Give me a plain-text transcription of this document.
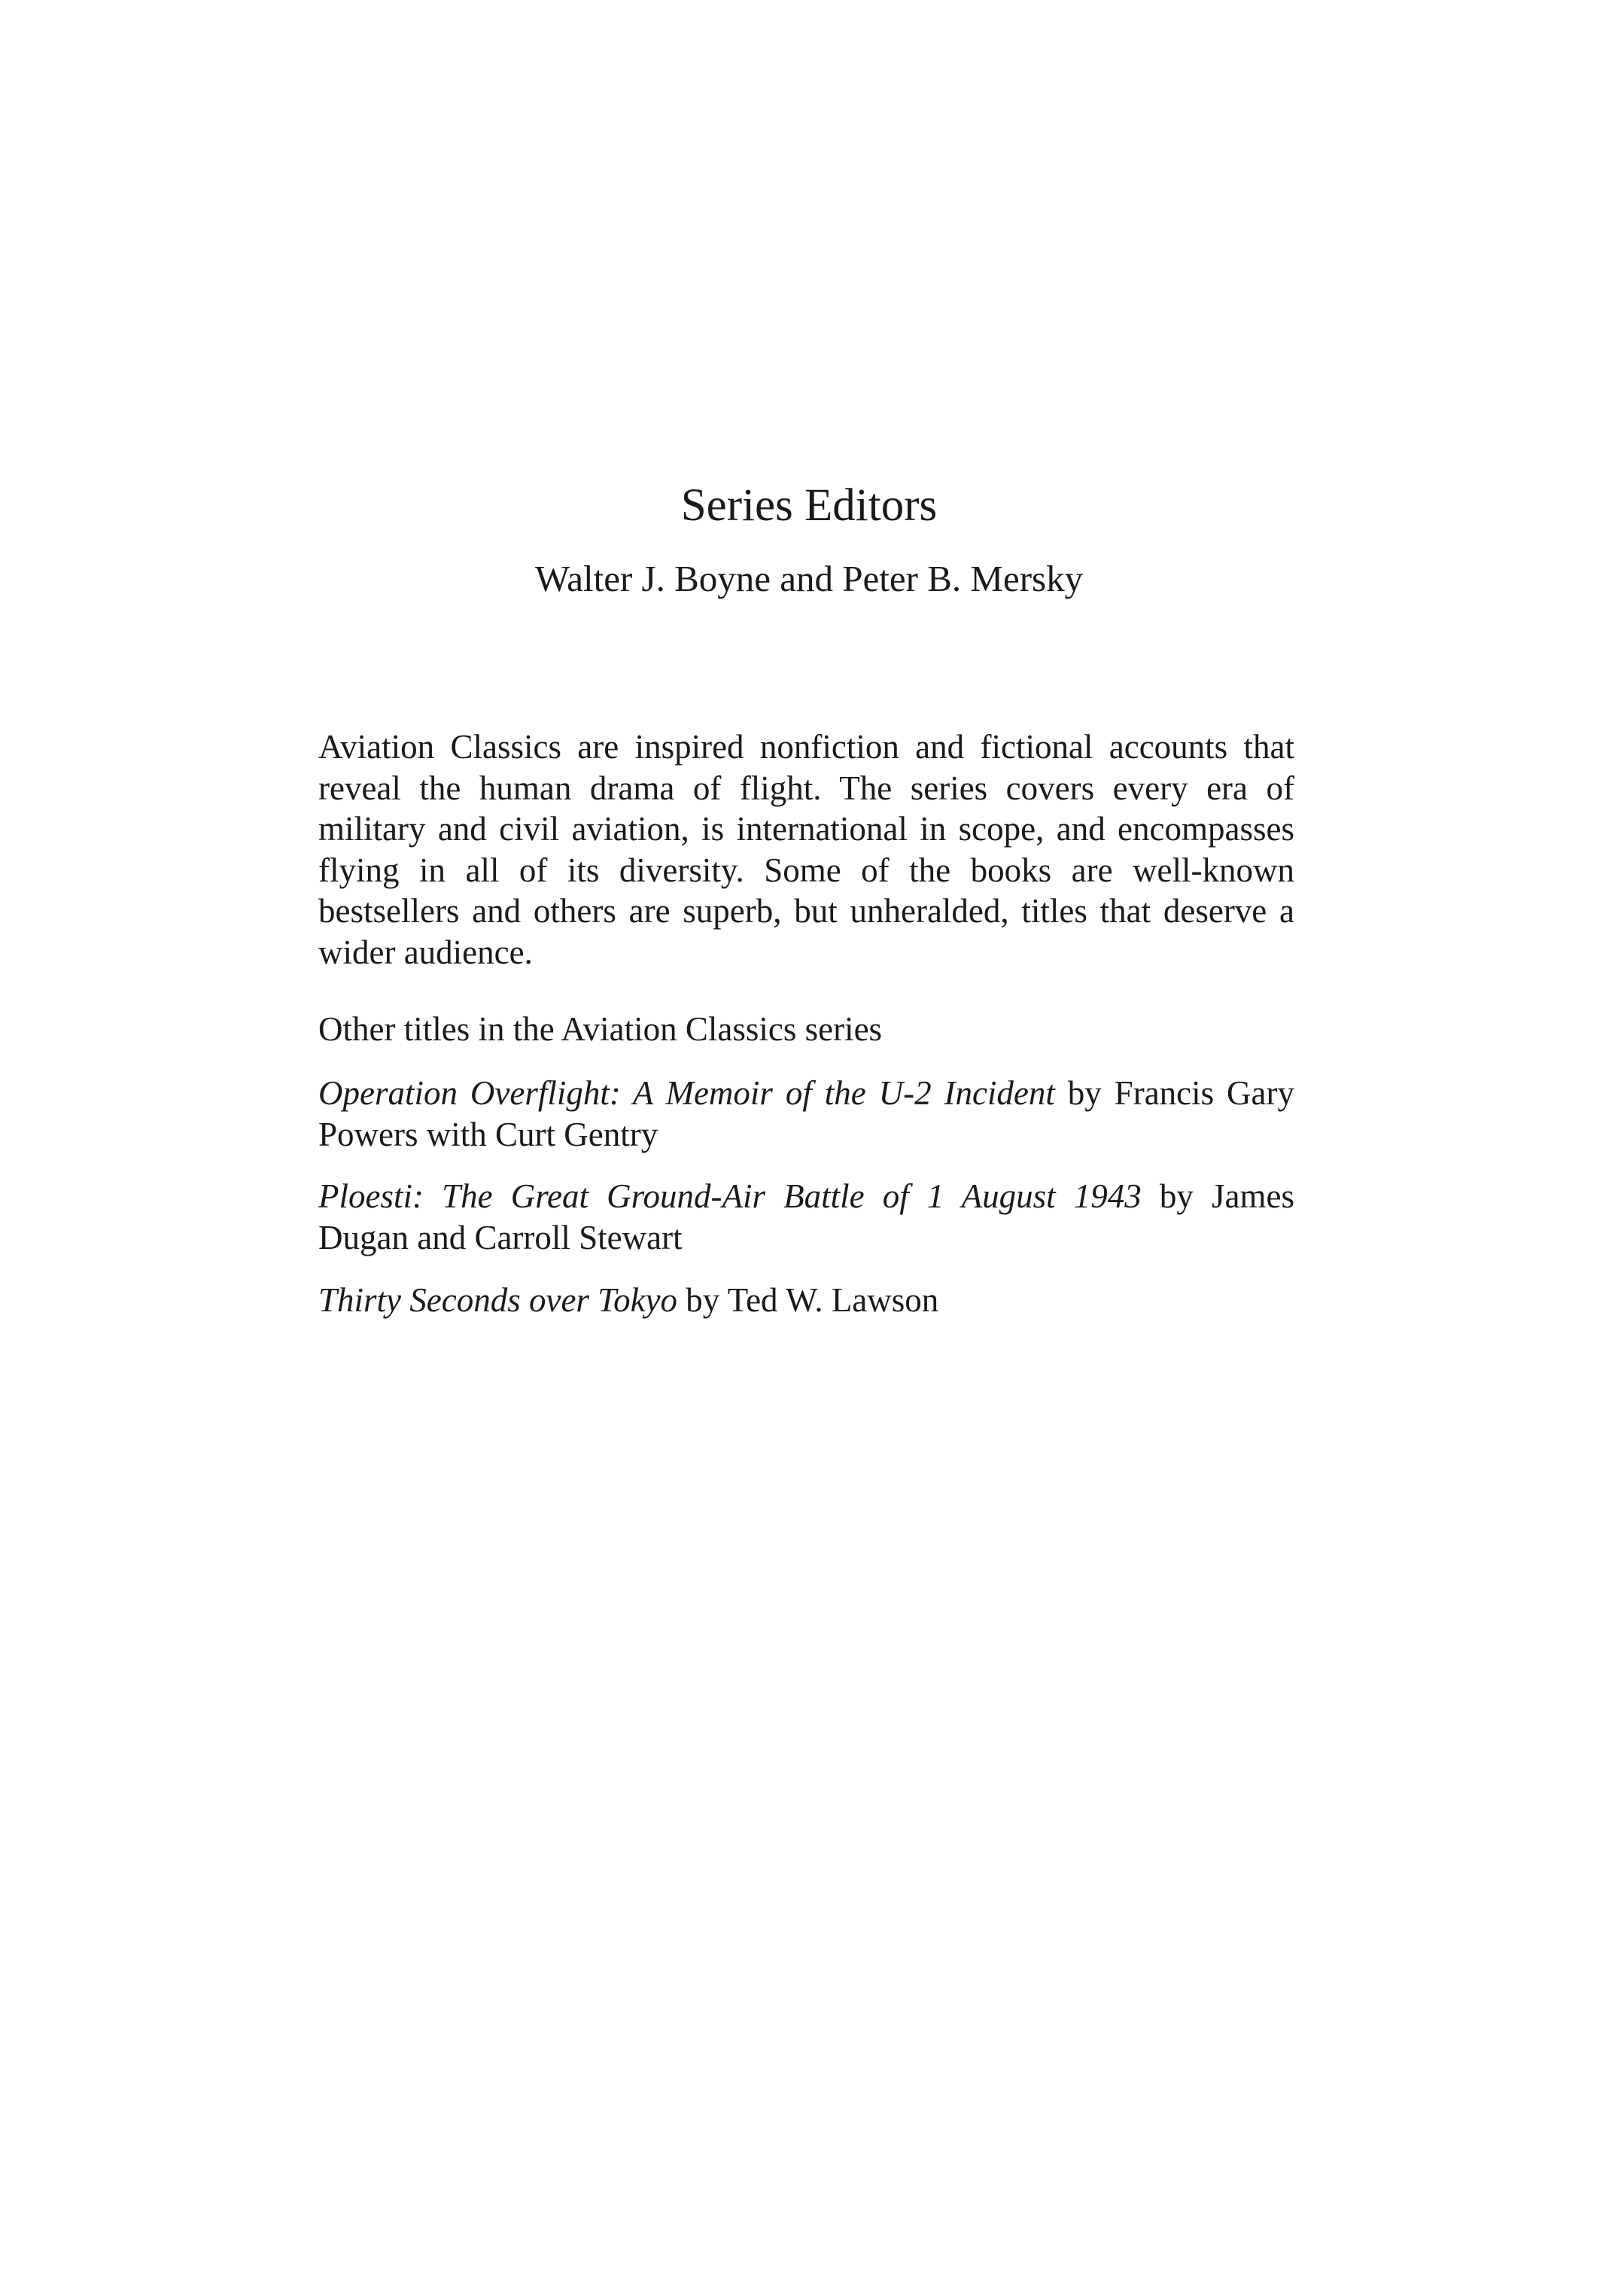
Series Editors
Walter J. Boyne and Peter B. Mersky

Aviation Classics are inspired nonfiction and fictional accounts that reveal the human drama of flight. The series covers every era of military and civil aviation, is international in scope, and encompasses flying in all of its diversity. Some of the books are well-known bestsellers and others are superb, but unheralded, titles that deserve a wider audience.

Other titles in the Aviation Classics series

Operation Overflight: A Memoir of the U-2 Incident by Francis Gary Powers with Curt Gentry

Ploesti: The Great Ground-Air Battle of 1 August 1943 by James Dugan and Carroll Stewart

Thirty Seconds over Tokyo by Ted W. Lawson
